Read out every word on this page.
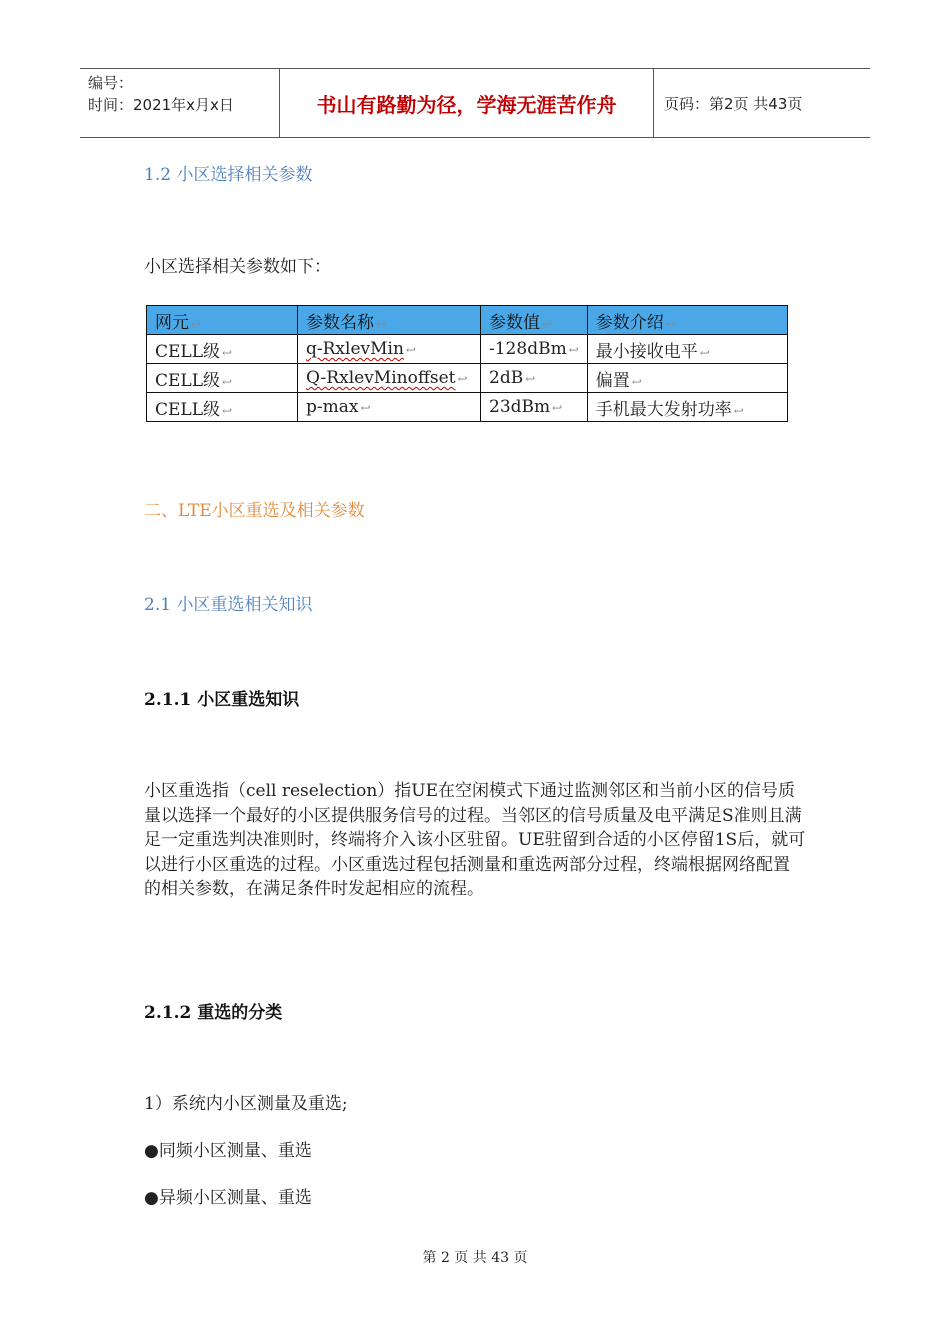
编号：
时间：2021年x月x日	书山有路勤为径，学海无涯苦作舟	页码：第2页 共43页
1.2 小区选择相关参数
小区选择相关参数如下：
网元 ↩	参数名称 ↩	参数值 ↩	参数介绍 ↩
CELL级 ↩	q-RxlevMin ↩	-128dBm ↩	最小接收电平 ↩
CELL级 ↩	Q-RxlevMinoffset ↩	2dB ↩	偏置 ↩
CELL级 ↩	p-max ↩	23dBm ↩	手机最大发射功率 ↩
二、LTE小区重选及相关参数
2.1 小区重选相关知识
2.1.1 小区重选知识
小区重选指（cell reselection）指UE在空闲模式下通过监测邻区和当前小区的信号质量以选择一个最好的小区提供服务信号的过程。当邻区的信号质量及电平满足S准则且满足一定重选判决准则时，终端将介入该小区驻留。UE驻留到合适的小区停留1S后，就可以进行小区重选的过程。小区重选过程包括测量和重选两部分过程，终端根据网络配置的相关参数，在满足条件时发起相应的流程。
2.1.2 重选的分类
1）系统内小区测量及重选;
●同频小区测量、重选
●异频小区测量、重选
第 2 页 共 43 页
